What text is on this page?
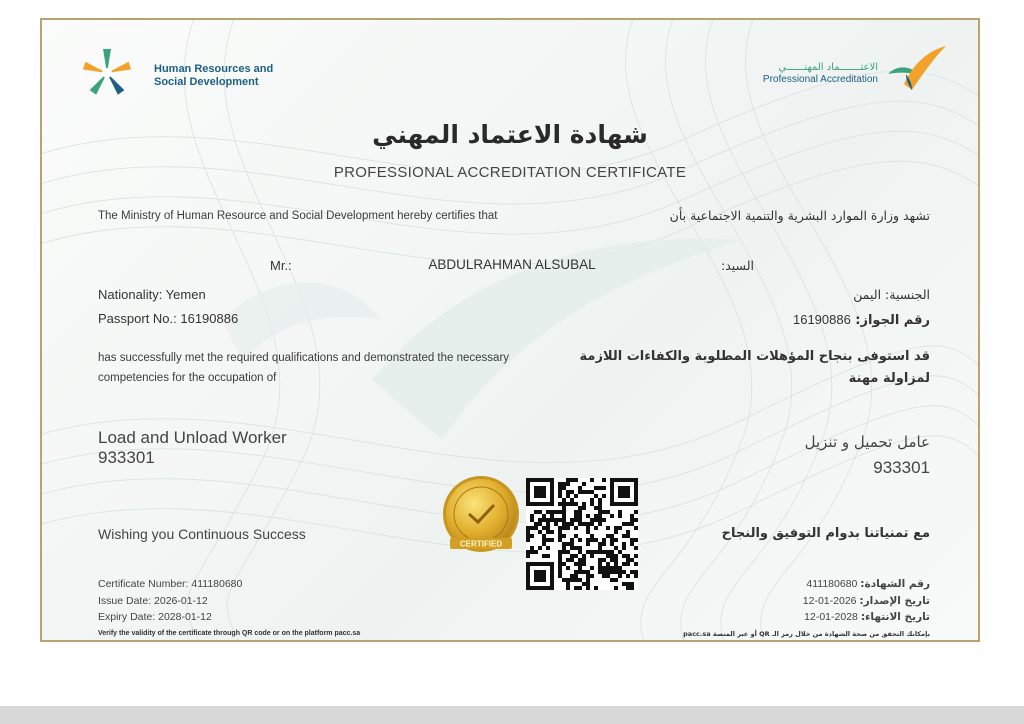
Human Resources and
Social Development
الاعتـــــــماد المهنــــــي
Professional Accreditation
شهادة الاعتماد المهني
PROFESSIONAL ACCREDITATION CERTIFICATE
The Ministry of Human Resource and Social Development hereby certifies that	تشهد وزارة الموارد البشرية والتنمية الاجتماعية بأن
Mr.:	ABDULRAHMAN ALSUBAL	السيد:
Nationality: Yemen	الجنسية: اليمن
Passport No.: 16190886	رقم الجواز: 16190886
has successfully met the required qualifications and demonstrated the necessary competencies for the occupation of
قد استوفى بنجاح المؤهلات المطلوبة والكفاءات اللازمة
لمزاولة مهنة
Load and Unload Worker
933301
عامل تحميل و تنزيل
933301
Wishing you Continuous Success	مع تمنياتنا بدوام التوفيق والنجاح
CERTIFIED
Certificate Number: 411180680
Issue Date: 2026-01-12
Expiry Date: 2028-01-12
Verify the validity of the certificate through QR code or on the platform pacc.sa
رقم الشهادة: 411180680
تاريخ الإصدار: 2026-01-12
تاريخ الانتهاء: 2028-01-12
بإمكانك التحقق من صحة الشهادة من خلال رمز الـ QR أو عبر المنصة pacc.sa
